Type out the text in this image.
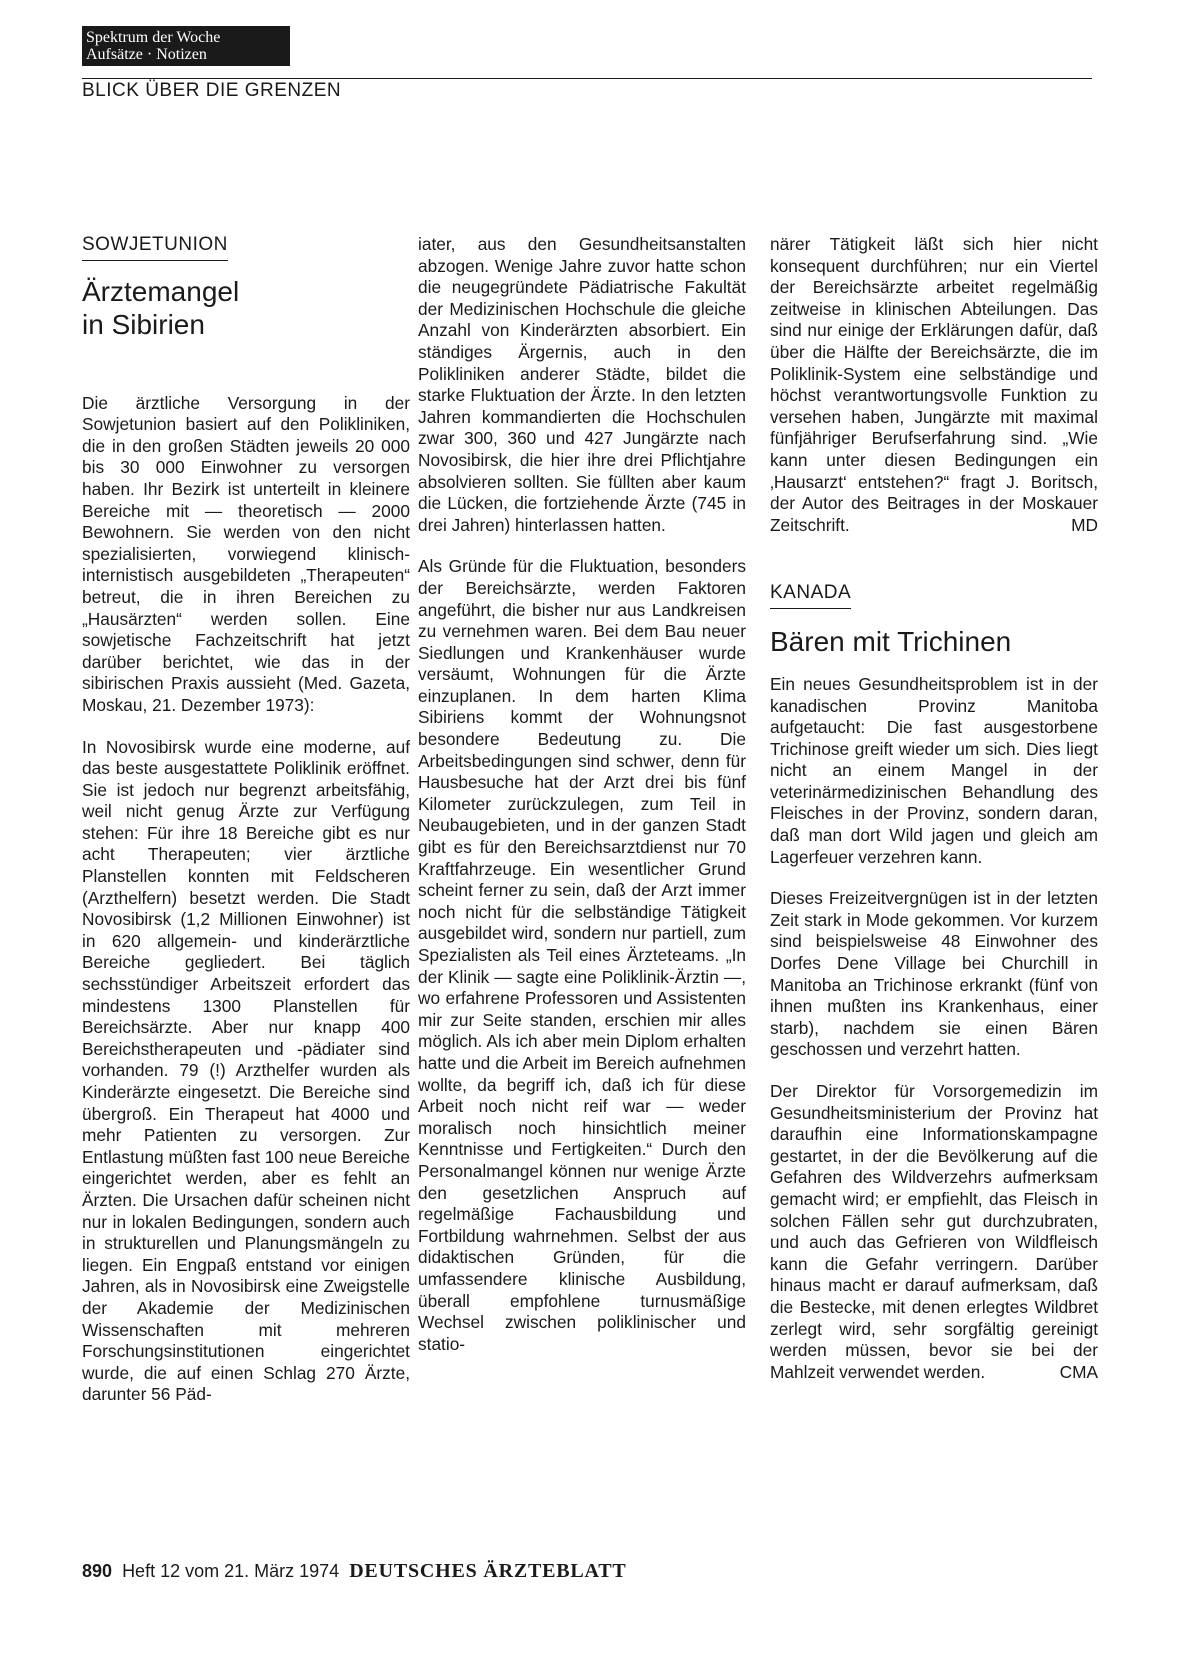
Spektrum der Woche
Aufsätze · Notizen
BLICK ÜBER DIE GRENZEN
SOWJETUNION
Ärztemangel
in Sibirien

Die ärztliche Versorgung in der Sowjetunion basiert auf den Polikliniken, die in den großen Städten jeweils 20 000 bis 30 000 Einwohner zu versorgen haben. Ihr Bezirk ist unterteilt in kleinere Bereiche mit — theoretisch — 2000 Bewohnern. Sie werden von den nicht spezialisierten, vorwiegend klinisch-internistisch ausgebildeten „Therapeuten“ betreut, die in ihren Bereichen zu „Hausärzten“ werden sollen. Eine sowjetische Fachzeitschrift hat jetzt darüber berichtet, wie das in der sibirischen Praxis aussieht (Med. Gazeta, Moskau, 21. Dezember 1973):

In Novosibirsk wurde eine moderne, auf das beste ausgestattete Poliklinik eröffnet. Sie ist jedoch nur begrenzt arbeitsfähig, weil nicht genug Ärzte zur Verfügung stehen: Für ihre 18 Bereiche gibt es nur acht Therapeuten; vier ärztliche Planstellen konnten mit Feldscheren (Arzthelfern) besetzt werden. Die Stadt Novosibirsk (1,2 Millionen Einwohner) ist in 620 allgemein- und kinderärztliche Bereiche gegliedert. Bei täglich sechsstündiger Arbeitszeit erfordert das mindestens 1300 Planstellen für Bereichsärzte. Aber nur knapp 400 Bereichstherapeuten und -pädiater sind vorhanden. 79 (!) Arzthelfer wurden als Kinderärzte eingesetzt. Die Bereiche sind übergroß. Ein Therapeut hat 4000 und mehr Patienten zu versorgen. Zur Entlastung müßten fast 100 neue Bereiche eingerichtet werden, aber es fehlt an Ärzten. Die Ursachen dafür scheinen nicht nur in lokalen Bedingungen, sondern auch in strukturellen und Planungsmängeln zu liegen. Ein Engpaß entstand vor einigen Jahren, als in Novosibirsk eine Zweigstelle der Akademie der Medizinischen Wissenschaften mit mehreren Forschungsinstitutionen eingerichtet wurde, die auf einen Schlag 270 Ärzte, darunter 56 Päd-

iater, aus den Gesundheitsanstalten abzogen. Wenige Jahre zuvor hatte schon die neugegründete Pädiatrische Fakultät der Medizinischen Hochschule die gleiche Anzahl von Kinderärzten absorbiert. Ein ständiges Ärgernis, auch in den Polikliniken anderer Städte, bildet die starke Fluktuation der Ärzte. In den letzten Jahren kommandierten die Hochschulen zwar 300, 360 und 427 Jungärzte nach Novosibirsk, die hier ihre drei Pflichtjahre absolvieren sollten. Sie füllten aber kaum die Lücken, die fortziehende Ärzte (745 in drei Jahren) hinterlassen hatten.

Als Gründe für die Fluktuation, besonders der Bereichsärzte, werden Faktoren angeführt, die bisher nur aus Landkreisen zu vernehmen waren. Bei dem Bau neuer Siedlungen und Krankenhäuser wurde versäumt, Wohnungen für die Ärzte einzuplanen. In dem harten Klima Sibiriens kommt der Wohnungsnot besondere Bedeutung zu. Die Arbeitsbedingungen sind schwer, denn für Hausbesuche hat der Arzt drei bis fünf Kilometer zurückzulegen, zum Teil in Neubaugebieten, und in der ganzen Stadt gibt es für den Bereichsarztdienst nur 70 Kraftfahrzeuge. Ein wesentlicher Grund scheint ferner zu sein, daß der Arzt immer noch nicht für die selbständige Tätigkeit ausgebildet wird, sondern nur partiell, zum Spezialisten als Teil eines Ärzteteams. „In der Klinik — sagte eine Poliklinik-Ärztin —, wo erfahrene Professoren und Assistenten mir zur Seite standen, erschien mir alles möglich. Als ich aber mein Diplom erhalten hatte und die Arbeit im Bereich aufnehmen wollte, da begriff ich, daß ich für diese Arbeit noch nicht reif war — weder moralisch noch hinsichtlich meiner Kenntnisse und Fertigkeiten.“ Durch den Personalmangel können nur wenige Ärzte den gesetzlichen Anspruch auf regelmäßige Fachausbildung und Fortbildung wahrnehmen. Selbst der aus didaktischen Gründen, für die umfassendere klinische Ausbildung, überall empfohlene turnusmäßige Wechsel zwischen poliklinischer und statio-

närer Tätigkeit läßt sich hier nicht konsequent durchführen; nur ein Viertel der Bereichsärzte arbeitet regelmäßig zeitweise in klinischen Abteilungen. Das sind nur einige der Erklärungen dafür, daß über die Hälfte der Bereichsärzte, die im Poliklinik-System eine selbständige und höchst verantwortungsvolle Funktion zu versehen haben, Jungärzte mit maximal fünfjähriger Berufserfahrung sind. „Wie kann unter diesen Bedingungen ein ‚Hausarzt‘ entstehen?“ fragt J. Boritsch, der Autor des Beitrages in der Moskauer Zeitschrift.	MD

KANADA
Bären mit Trichinen

Ein neues Gesundheitsproblem ist in der kanadischen Provinz Manitoba aufgetaucht: Die fast ausgestorbene Trichinose greift wieder um sich. Dies liegt nicht an einem Mangel in der veterinärmedizinischen Behandlung des Fleisches in der Provinz, sondern daran, daß man dort Wild jagen und gleich am Lagerfeuer verzehren kann.

Dieses Freizeitvergnügen ist in der letzten Zeit stark in Mode gekommen. Vor kurzem sind beispielsweise 48 Einwohner des Dorfes Dene Village bei Churchill in Manitoba an Trichinose erkrankt (fünf von ihnen mußten ins Krankenhaus, einer starb), nachdem sie einen Bären geschossen und verzehrt hatten.

Der Direktor für Vorsorgemedizin im Gesundheitsministerium der Provinz hat daraufhin eine Informationskampagne gestartet, in der die Bevölkerung auf die Gefahren des Wildverzehrs aufmerksam gemacht wird; er empfiehlt, das Fleisch in solchen Fällen sehr gut durchzubraten, und auch das Gefrieren von Wildfleisch kann die Gefahr verringern. Darüber hinaus macht er darauf aufmerksam, daß die Bestecke, mit denen erlegtes Wildbret zerlegt wird, sehr sorgfältig gereinigt werden müssen, bevor sie bei der Mahlzeit verwendet werden.	CMA

890 Heft 12 vom 21. März 1974 DEUTSCHES ÄRZTEBLATT
